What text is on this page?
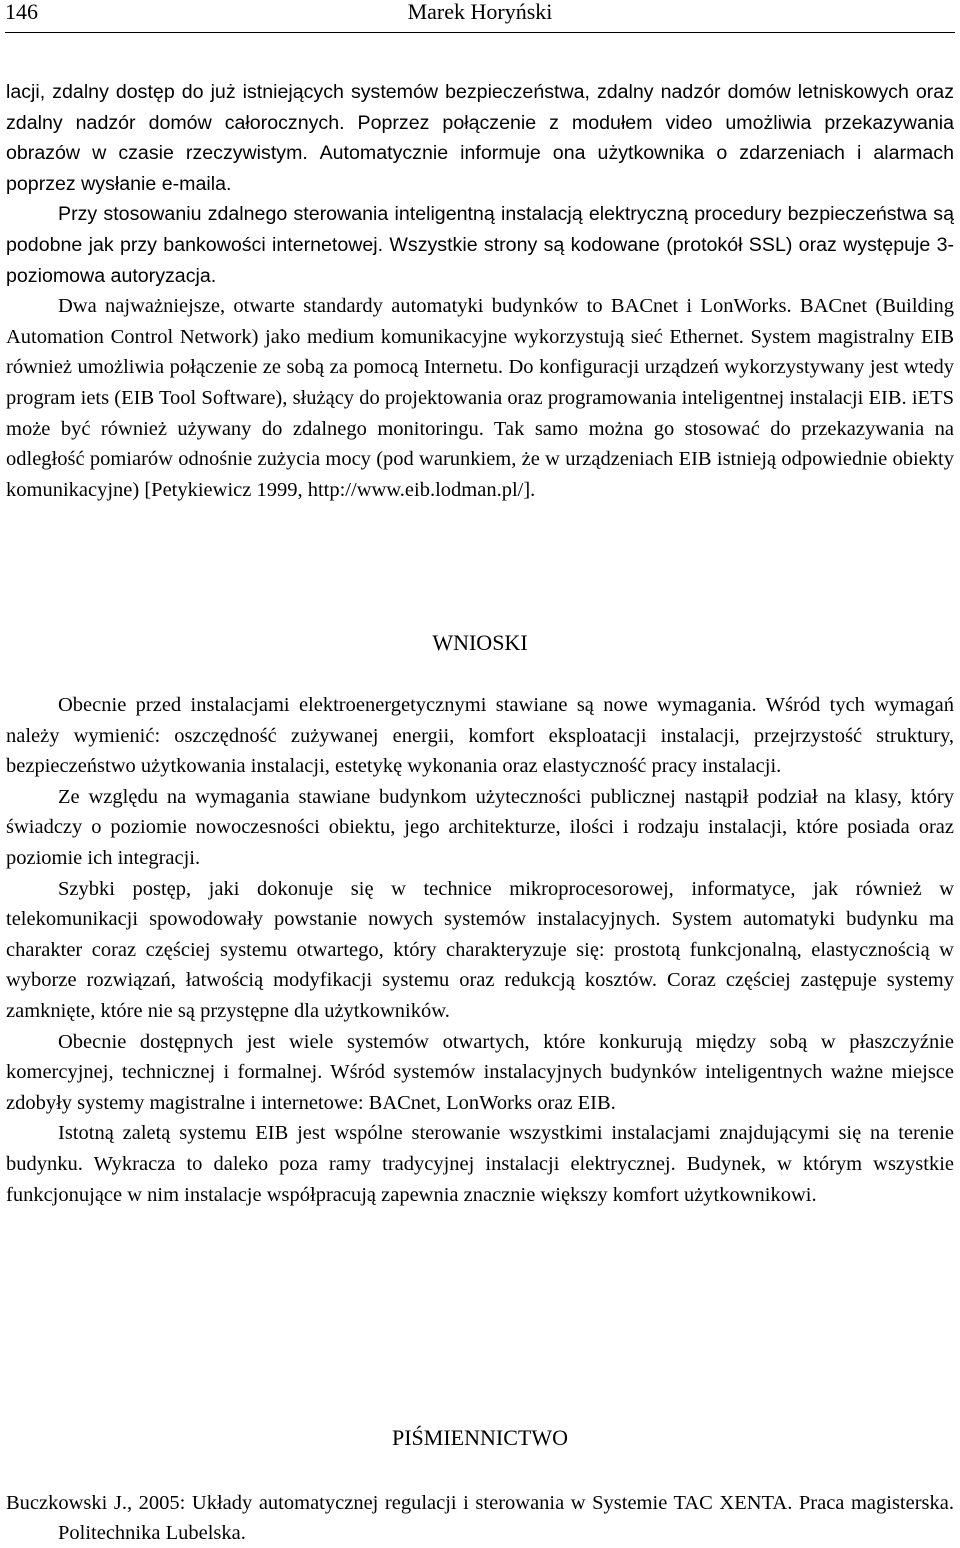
146	Marek Horyński

lacji, zdalny dostęp do już istniejących systemów bezpieczeństwa, zdalny nadzór domów letniskowych oraz zdalny nadzór domów całorocznych. Poprzez połączenie z modułem video umożliwia przekazywania obrazów w czasie rzeczywistym. Automatycznie informuje ona użytkownika o zdarzeniach i alarmach poprzez wysłanie e-maila.

Przy stosowaniu zdalnego sterowania inteligentną instalacją elektryczną procedury bezpieczeństwa są podobne jak przy bankowości internetowej. Wszystkie strony są kodowane (protokół SSL) oraz występuje 3-poziomowa autoryzacja.

Dwa najważniejsze, otwarte standardy automatyki budynków to BACnet i LonWorks. BACnet (Building Automation Control Network) jako medium komunikacyjne wykorzystują sieć Ethernet. System magistralny EIB również umożliwia połączenie ze sobą za pomocą Internetu. Do konfiguracji urządzeń wykorzystywany jest wtedy program iets (EIB Tool Software), służący do projektowania oraz programowania inteligentnej instalacji EIB. iETS może być również używany do zdalnego monitoringu. Tak samo można go stosować do przekazywania na odległość pomiarów odnośnie zużycia mocy (pod warunkiem, że w urządzeniach EIB istnieją odpowiednie obiekty komunikacyjne) [Petykiewicz 1999, http://www.eib.lodman.pl/].

WNIOSKI

Obecnie przed instalacjami elektroenergetycznymi stawiane są nowe wymagania. Wśród tych wymagań należy wymienić: oszczędność zużywanej energii, komfort eksploatacji instalacji, przejrzystość struktury, bezpieczeństwo użytkowania instalacji, estetykę wykonania oraz elastyczność pracy instalacji.

Ze względu na wymagania stawiane budynkom użyteczności publicznej nastąpił podział na klasy, który świadczy o poziomie nowoczesności obiektu, jego architekturze, ilości i rodzaju instalacji, które posiada oraz poziomie ich integracji.

Szybki postęp, jaki dokonuje się w technice mikroprocesorowej, informatyce, jak również w telekomunikacji spowodowały powstanie nowych systemów instalacyjnych. System automatyki budynku ma charakter coraz częściej systemu otwartego, który charakteryzuje się: prostotą funkcjonalną, elastycznością w wyborze rozwiązań, łatwością modyfikacji systemu oraz redukcją kosztów. Coraz częściej zastępuje systemy zamknięte, które nie są przystępne dla użytkowników.

Obecnie dostępnych jest wiele systemów otwartych, które konkurują między sobą w płaszczyźnie komercyjnej, technicznej i formalnej. Wśród systemów instalacyjnych budynków inteligentnych ważne miejsce zdobyły systemy magistralne i internetowe: BACnet, LonWorks oraz EIB.

Istotną zaletą systemu EIB jest wspólne sterowanie wszystkimi instalacjami znajdującymi się na terenie budynku. Wykracza to daleko poza ramy tradycyjnej instalacji elektrycznej. Budynek, w którym wszystkie funkcjonujące w nim instalacje współpracują zapewnia znacznie większy komfort użytkownikowi.

PIŚMIENNICTWO

Buczkowski J., 2005: Układy automatycznej regulacji i sterowania w Systemie TAC XENTA. Praca magisterska. Politechnika Lubelska.
